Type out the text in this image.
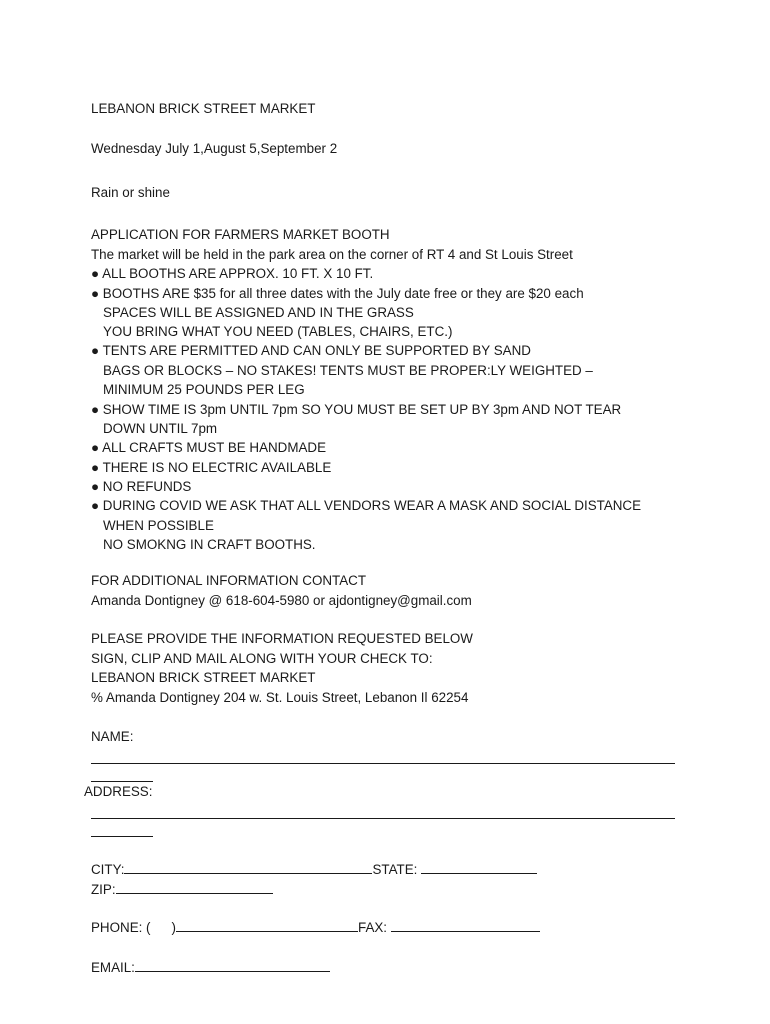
LEBANON BRICK STREET MARKET
Wednesday July 1,August 5,September 2
Rain or shine
APPLICATION FOR FARMERS MARKET BOOTH
The market will be held in the park area on the corner of RT 4 and St Louis Street
● ALL BOOTHS ARE APPROX. 10 FT. X 10 FT.
● BOOTHS ARE $35 for all three dates with the July date free or they are $20 each
SPACES WILL BE ASSIGNED AND IN THE GRASS
YOU BRING WHAT YOU NEED (TABLES, CHAIRS, ETC.)
● TENTS ARE PERMITTED AND CAN ONLY BE SUPPORTED BY SAND
BAGS OR BLOCKS – NO STAKES! TENTS MUST BE PROPER:LY WEIGHTED –
MINIMUM 25 POUNDS PER LEG
● SHOW TIME IS 3pm UNTIL 7pm SO YOU MUST BE SET UP BY 3pm AND NOT TEAR
DOWN UNTIL 7pm
● ALL CRAFTS MUST BE HANDMADE
● THERE IS NO ELECTRIC AVAILABLE
● NO REFUNDS
● DURING COVID WE ASK THAT ALL VENDORS WEAR A MASK AND SOCIAL DISTANCE
WHEN POSSIBLE
NO SMOKNG IN CRAFT BOOTHS.
FOR ADDITIONAL INFORMATION CONTACT
Amanda Dontigney @ 618-604-5980 or ajdontigney@gmail.com
PLEASE PROVIDE THE INFORMATION REQUESTED BELOW
SIGN, CLIP AND MAIL ALONG WITH YOUR CHECK TO:
LEBANON BRICK STREET MARKET
% Amanda Dontigney 204 w. St. Louis Street, Lebanon Il 62254
NAME:
ADDRESS:
CITY:	STATE:
ZIP:
PHONE: ( )	FAX:
EMAIL:
